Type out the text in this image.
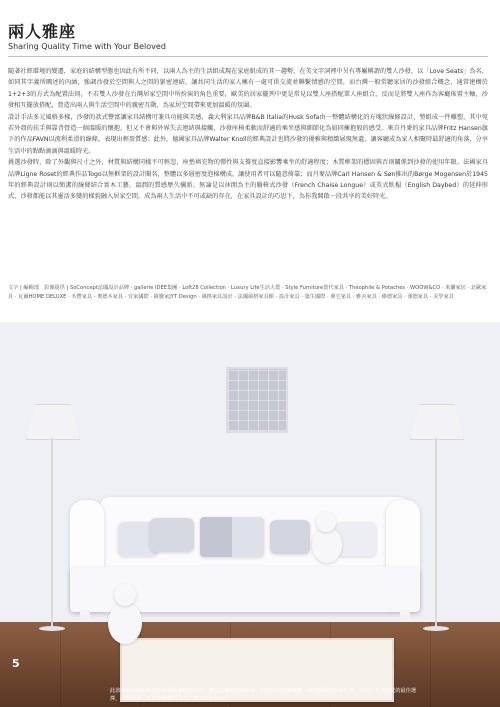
兩人雅座
Sharing Quality Time with Your Beloved

隨著社經環境的變遷，家庭的結構型態也因此有所不同，以兩人為主的生活組成現在家庭組成的其一趨勢，在美文字詞裡中另有專屬稱謂的雙人沙發，以「Love Seats」為名，如同其字義所闡述的內涵，強調沙發於空間與人之間的緊密連結，讓共同生活的家人擁有一處可供交流並聯繫情感的空間，而台灣一般常聽家居的沙發組合概念，通常建構於1+2+3的方式為配置法則，不若雙人沙發在台灣居家空間中所扮演的角色重要，歐美的居家擺列中更是常見以雙人座搭配單人座組合，反而是將雙人座作為客廳佈置主軸，沙發相互擺放搭配，營造出兩人與生活空間中的親密互動，為家居空間帶來更加溫暖的氛圍。

設計手法多元風格多樣，沙發的款式豐富讓家具結構可兼具功能與美感，義大利家具品牌B&B Italia的Husk Sofa由一整體結構化的方塊狀線條設計，整組成一件雕塑，其中宛若外殼的扶手與靠背營造一個溫暖的懷抱，但又不會與外界失去連結與接觸，沙發座椅柔軟而舒適的乘坐感與細節化為如同擁抱般的感受。來自丹麥的家具品牌Fritz Hansen旗下的作品FAVN以流利柔滑的線條，表現出輕盈質感；此外，德國家具品牌Walter Knoll的經典設計也將沙發的優雅與精緻展現無遺，讓客廳成為家人相聚時最舒適的角落，分享生活中的點點滴滴與溫暖時光。

挑選沙發時，除了外觀與尺寸之外，材質與結構同樣不可輕忽，座墊填充物的彈性與支撐度直接影響乘坐的舒適程度；木質框架的穩固與否則關係到沙發的使用年限。法國家具品牌Ligne Roset的經典作品Togo以無框架的設計聞名，整體以多層密度泡棉構成，讓使用者可以隨意倚靠；而丹麥品牌Carl Hansen & Søn推出的Børge Mogensen於1945年的經典設計則以簡潔的線條結合實木工藝，溫潤的質感歷久彌新。無論是以休閒為主的躺椅式沙發（French Chaise Longue）或英式臥榻（English Daybed）的延伸形式，沙發都能以其靈活多變的樣貌融入居家空間，成為兩人生活中不可或缺的存在，在家具設計的巧思下，為你我開啟一段共享的美好時光。

文字 | 編輯部　影像提供 | SoConcept法國設計品牌 · gallerie IDEE集團 · Loft28 Collection · Luxury Life生活大賞 · Style Furniture當代家具 · Théophile & Potaches · WOOW&CO · 米蘭家居 · 北歐家具 · 瓦爾HOME DELUXE · 禾豐家具 · 奧德本家具 · 宜家國際 · 銳騰家JYT Design · 風格家具設計 · 法國風格家具館 · 設計家具 · 築生國際 · 鼎宅家具 · 雅舍家具 · 維德家具 · 漢德家具 · 美學家具
5
此款布藝沙發以純白色調搭配靠枕與抱枕，營造溫馨的居家氛圍，搭配落地燈與掛畫，讓空間更加典雅舒適，是兩人共享時光的最佳選擇，可依照個人需求調整擺設方式，體現生活品味。
